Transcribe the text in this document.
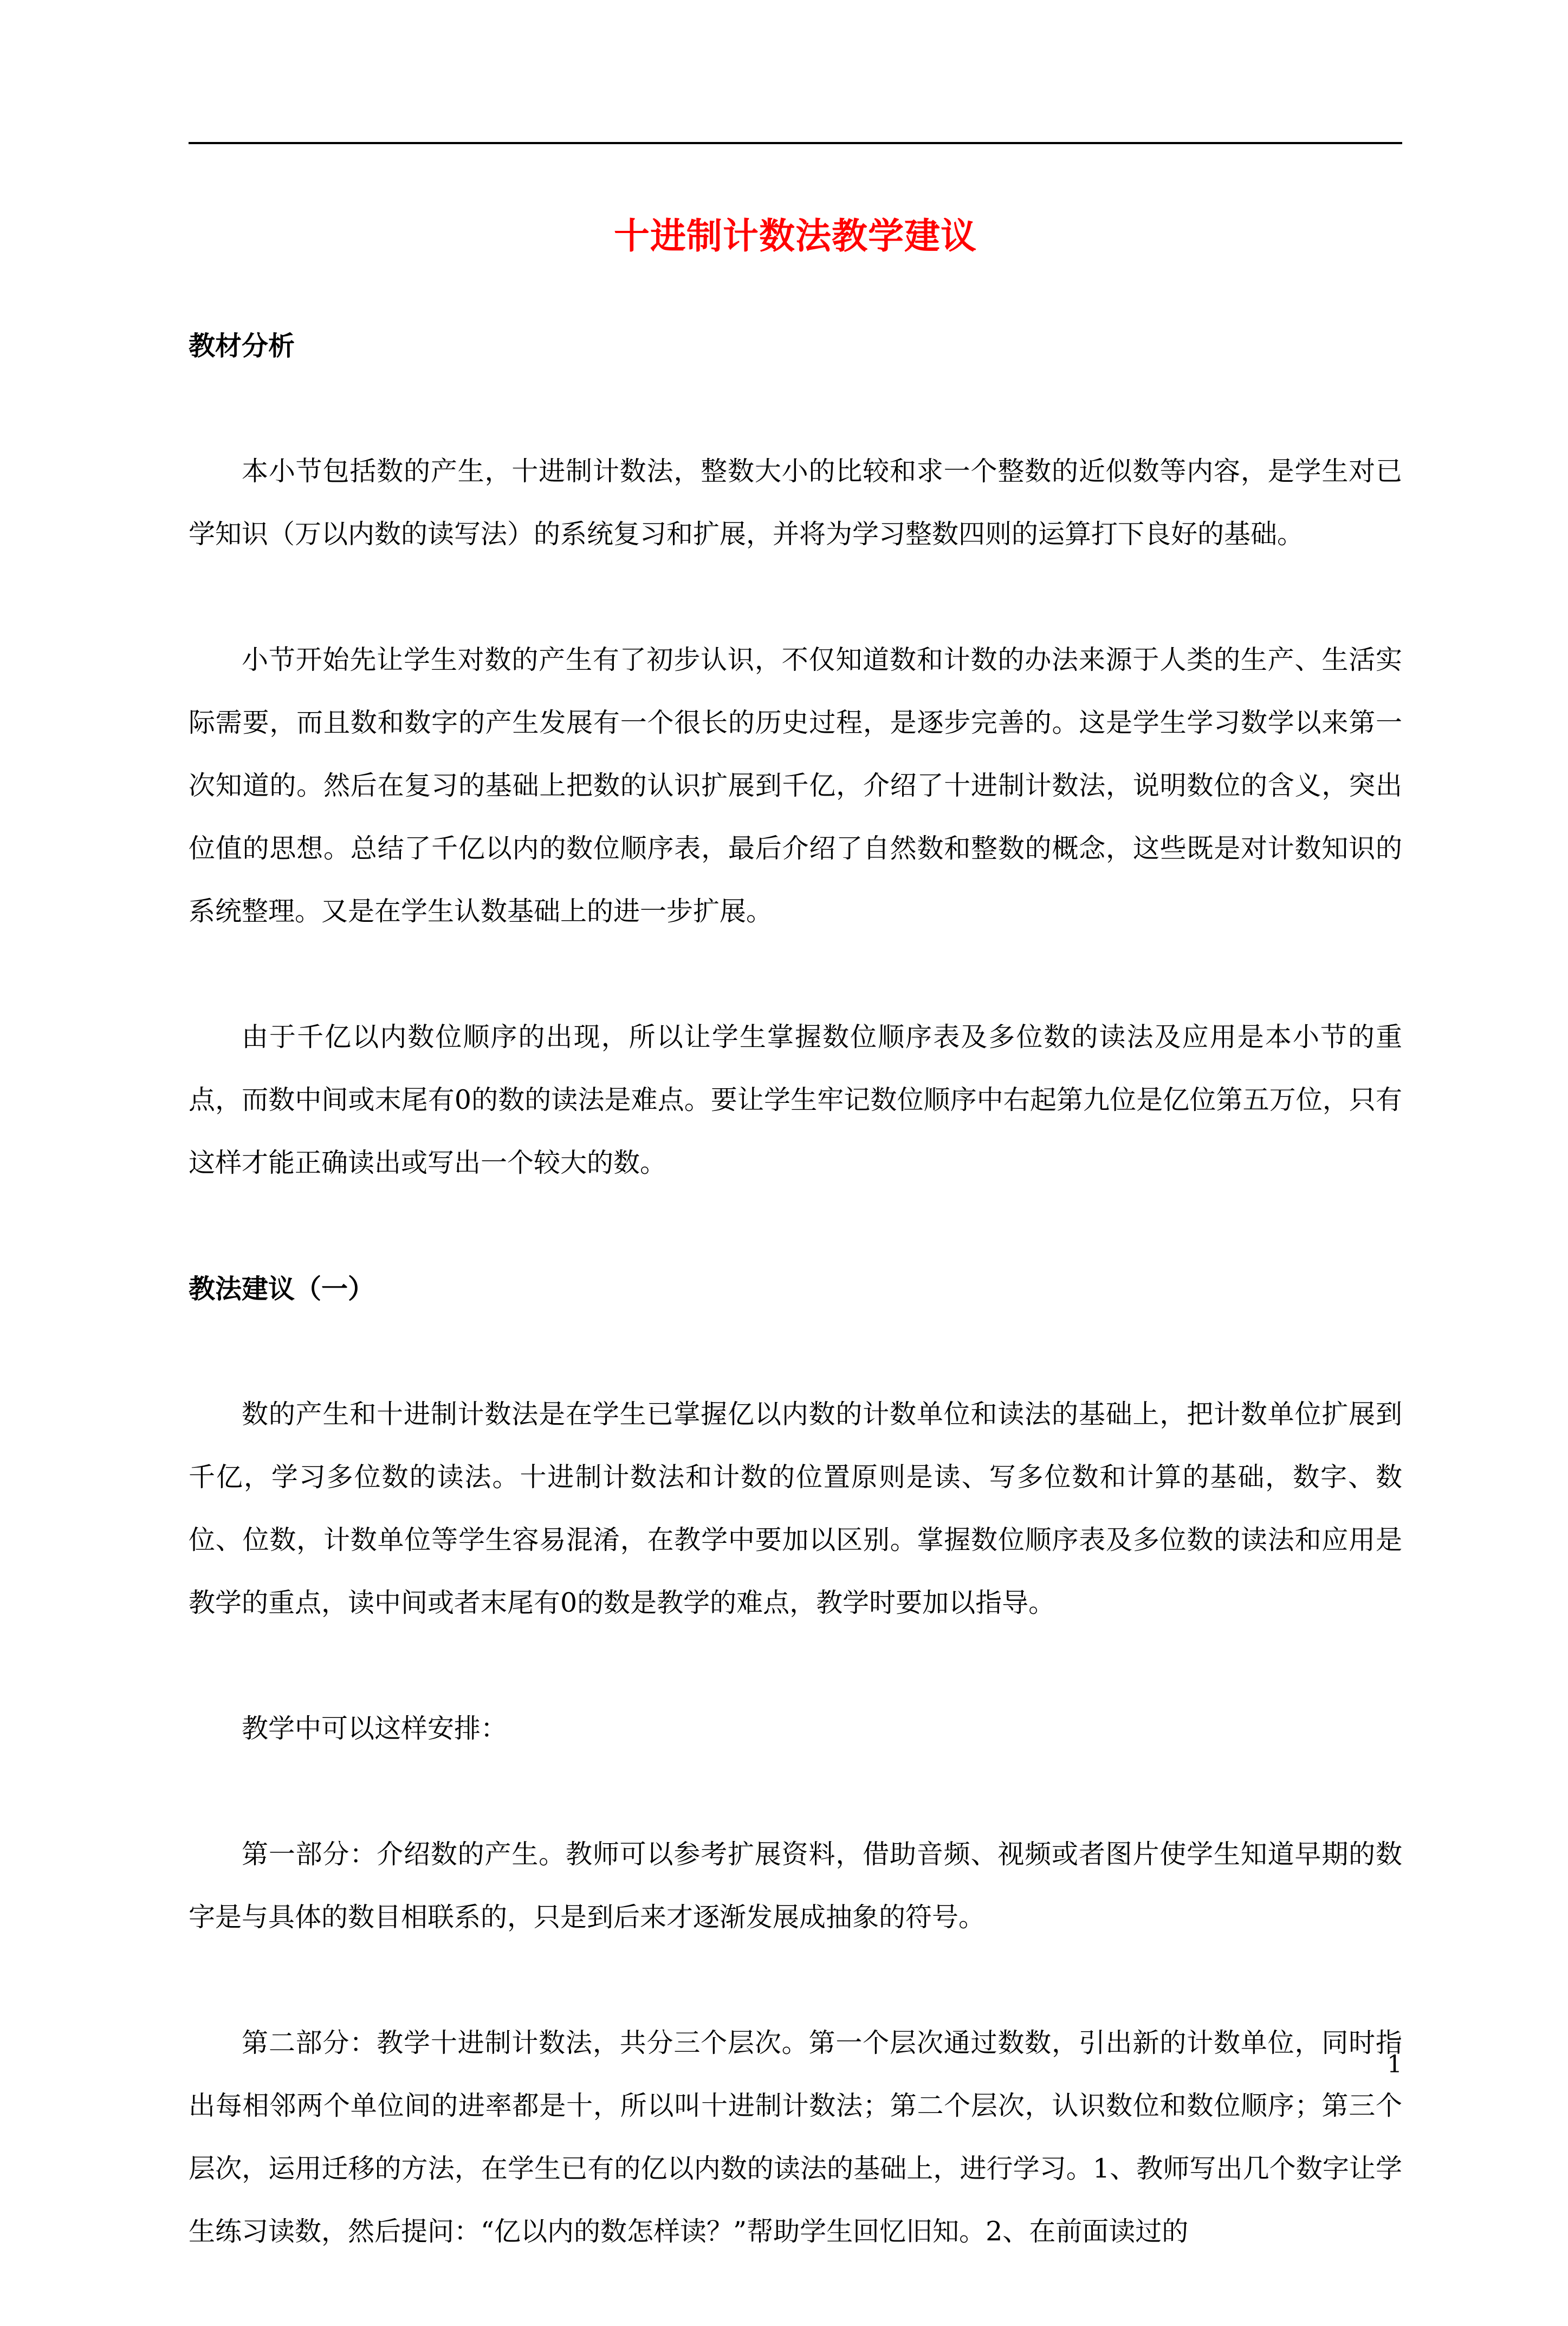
十进制计数法教学建议
教材分析

本小节包括数的产生，十进制计数法，整数大小的比较和求一个整数的近似数等内容，是学生对已学知识（万以内数的读写法）的系统复习和扩展，并将为学习整数四则的运算打下良好的基础。

小节开始先让学生对数的产生有了初步认识，不仅知道数和计数的办法来源于人类的生产、生活实际需要，而且数和数字的产生发展有一个很长的历史过程，是逐步完善的。这是学生学习数学以来第一次知道的。然后在复习的基础上把数的认识扩展到千亿，介绍了十进制计数法，说明数位的含义，突出位值的思想。总结了千亿以内的数位顺序表，最后介绍了自然数和整数的概念，这些既是对计数知识的系统整理。又是在学生认数基础上的进一步扩展。

由于千亿以内数位顺序的出现，所以让学生掌握数位顺序表及多位数的读法及应用是本小节的重点，而数中间或末尾有0的数的读法是难点。要让学生牢记数位顺序中右起第九位是亿位第五万位，只有这样才能正确读出或写出一个较大的数。

教法建议（一）

数的产生和十进制计数法是在学生已掌握亿以内数的计数单位和读法的基础上，把计数单位扩展到千亿，学习多位数的读法。十进制计数法和计数的位置原则是读、写多位数和计算的基础，数字、数位、位数，计数单位等学生容易混淆，在教学中要加以区别。掌握数位顺序表及多位数的读法和应用是教学的重点，读中间或者末尾有0的数是教学的难点，教学时要加以指导。

教学中可以这样安排：

第一部分：介绍数的产生。教师可以参考扩展资料，借助音频、视频或者图片使学生知道早期的数字是与具体的数目相联系的，只是到后来才逐渐发展成抽象的符号。

第二部分：教学十进制计数法，共分三个层次。第一个层次通过数数，引出新的计数单位，同时指出每相邻两个单位间的进率都是十，所以叫十进制计数法；第二个层次，认识数位和数位顺序；第三个层次，运用迁移的方法，在学生已有的亿以内数的读法的基础上，进行学习。1、教师写出几个数字让学生练习读数，然后提问：“亿以内的数怎样读？”帮助学生回忆旧知。2、在前面读过的

1
